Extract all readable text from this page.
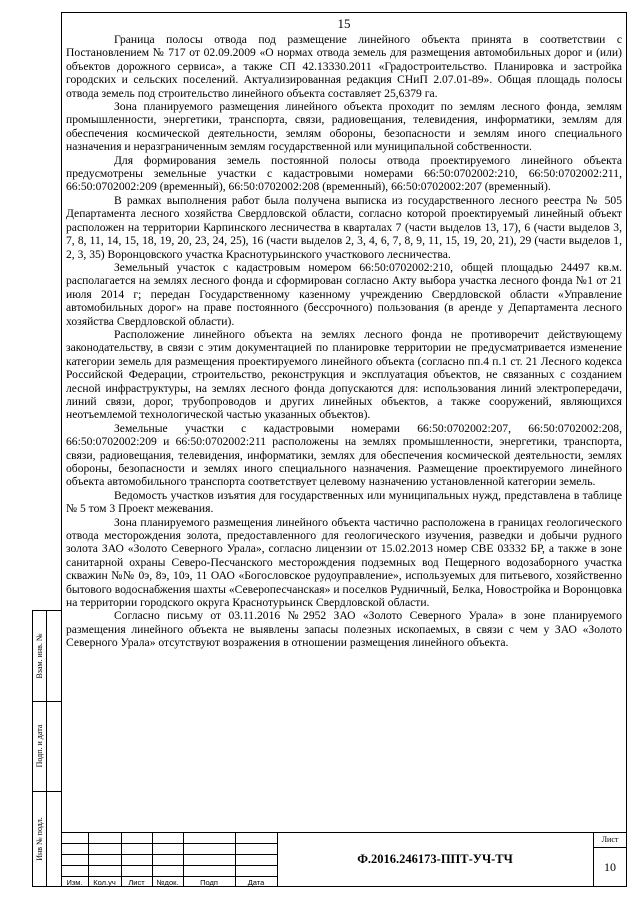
15

Граница полосы отвода под размещение линейного объекта принята в соответствии с Постановлением № 717 от 02.09.2009 «О нормах отвода земель для размещения автомобильных дорог и (или) объектов дорожного сервиса», а также СП 42.13330.2011 «Градостроительство. Планировка и застройка городских и сельских поселений. Актуализированная редакция СНиП 2.07.01-89». Общая площадь полосы отвода земель под строительство линейного объекта составляет 25,6379 га.

Зона планируемого размещения линейного объекта проходит по землям лесного фонда, землям промышленности, энергетики, транспорта, связи, радиовещания, телевидения, информатики, землям для обеспечения космической деятельности, землям обороны, безопасности и землям иного специального назначения и неразграниченным землям государственной или муниципальной собственности.

Для формирования земель постоянной полосы отвода проектируемого линейного объекта предусмотрены земельные участки с кадастровыми номерами 66:50:0702002:210, 66:50:0702002:211, 66:50:0702002:209 (временный), 66:50:0702002:208 (временный), 66:50:0702002:207 (временный).

В рамках выполнения работ была получена выписка из государственного лесного реестра № 505 Департамента лесного хозяйства Свердловской области, согласно которой проектируемый линейный объект расположен на территории Карпинского лесничества в кварталах 7 (части выделов 13, 17), 6 (части выделов 3, 7, 8, 11, 14, 15, 18, 19, 20, 23, 24, 25), 16 (части выделов 2, 3, 4, 6, 7, 8, 9, 11, 15, 19, 20, 21), 29 (части выделов 1, 2, 3, 35) Воронцовского участка Краснотурьинского участкового лесничества.

Земельный участок с кадастровым номером 66:50:0702002:210, общей площадью 24497 кв.м. располагается на землях лесного фонда и сформирован согласно Акту выбора участка лесного фонда №1 от 21 июля 2014 г; передан Государственному казенному учреждению Свердловской области «Управление автомобильных дорог» на праве постоянного (бессрочного) пользования (в аренде у Департамента лесного хозяйства Свердловской области).

Расположение линейного объекта на землях лесного фонда не противоречит действующему законодательству, в связи с этим документацией по планировке территории не предусматривается изменение категории земель для размещения проектируемого линейного объекта (согласно пп.4 п.1 ст. 21 Лесного кодекса Российской Федерации, строительство, реконструкция и эксплуатация объектов, не связанных с созданием лесной инфраструктуры, на землях лесного фонда допускаются для: использования линий электропередачи, линий связи, дорог, трубопроводов и других линейных объектов, а также сооружений, являющихся неотъемлемой технологической частью указанных объектов).

Земельные участки с кадастровыми номерами 66:50:0702002:207, 66:50:0702002:208, 66:50:0702002:209 и 66:50:0702002:211 расположены на землях промышленности, энергетики, транспорта, связи, радиовещания, телевидения, информатики, землях для обеспечения космической деятельности, землях обороны, безопасности и землях иного специального назначения. Размещение проектируемого линейного объекта автомобильного транспорта соответствует целевому назначению установленной категории земель.

Ведомость участков изъятия для государственных или муниципальных нужд, представлена в таблице № 5 том 3 Проект межевания.

Зона планируемого размещения линейного объекта частично расположена в границах геологического отвода месторождения золота, предоставленного для геологического изучения, разведки и добычи рудного золота ЗАО «Золото Северного Урала», согласно лицензии от 15.02.2013 номер СВЕ 03332 БР, а также в зоне санитарной охраны Северо-Песчанского месторождения подземных вод Пещерного водозаборного участка скважин №№ 0э, 8э, 10э, 11 ОАО «Богословское рудоуправление», используемых для питьевого, хозяйственно бытового водоснабжения шахты «Северопесчанская» и поселков Рудничный, Белка, Новостройка и Воронцовка на территории городского округа Краснотурьинск Свердловской области.

Согласно письму от 03.11.2016 №2952 ЗАО «Золото Северного Урала» в зоне планируемого размещения линейного объекта не выявлены запасы полезных ископаемых, в связи с чем у ЗАО «Золото Северного Урала» отсутствуют возражения в отношении размещения линейного объекта.

Взам. инв. №
Подп. и дата
Инв № подл.
Изм.	Кол.уч	Лист	№док.	Подп	Дата
Ф.2016.246173-ППТ-УЧ-ТЧ
Лист
10
